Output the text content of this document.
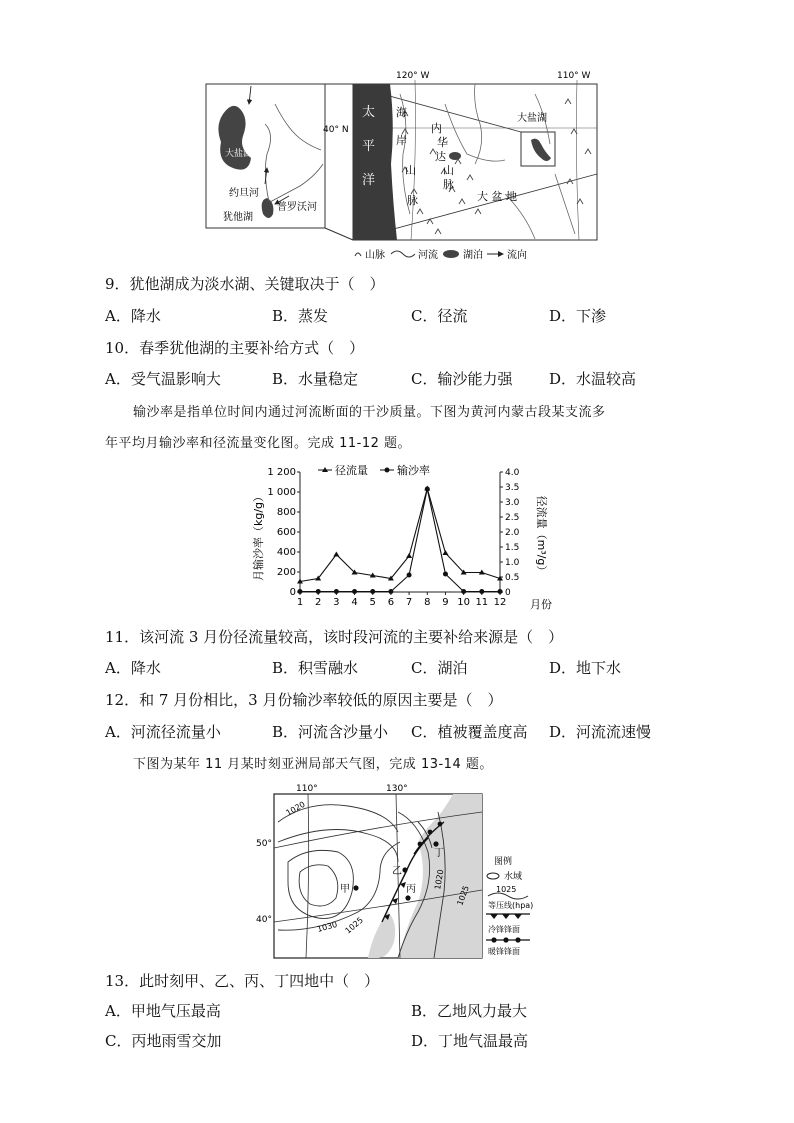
120° W	110° W
40° N
太
平
洋
海
岸
山
脉
内
华
达
山
脉
大 盆 地
大盐湖
大盐湖
约旦河
犹他湖
普罗沃河
山脉	河流	湖泊 流向
9．犹他湖成为淡水湖、关键取决于（　）
A．降水	B．蒸发	C．径流	D．下渗
10．春季犹他湖的主要补给方式（　）
A．受气温影响大	B．水量稳定	C．输沙能力强 D．水温较高
输沙率是指单位时间内通过河流断面的干沙质量。下图为黄河内蒙古段某支流多
年平均月输沙率和径流量变化图。完成 11-12 题。
月输沙率（kg/g）	径流量（m³/g）
月份
0
200
400
600
800
1 000
1 200
0
0.5
1.0
1.5
2.0
2.5
3.0
3.5
4.0
1 2 3 4 5 6 7 8 9 10 11 12
径流量	输沙率
11．该河流 3 月份径流量较高，该时段河流的主要补给来源是（　）
A．降水	B．积雪融水	C．湖泊	D．地下水
12．和 7 月份相比，3 月份输沙率较低的原因主要是（　）
A．河流径流量小	B．河流含沙量小 C．植被覆盖度高 D．河流流速慢
下图为某年 11 月某时刻亚洲局部天气图，完成 13-14 题。
甲
乙
丙
丁
110°	130°
50°
40°
1020
1020
1025
1025
1030
图例
水域
1025
等压线(hpa)
冷锋锋面
暖锋锋面
13．此时刻甲、乙、丙、丁四地中（　）
A．甲地气压最高	B．乙地风力最大
C．丙地雨雪交加	D．丁地气温最高
